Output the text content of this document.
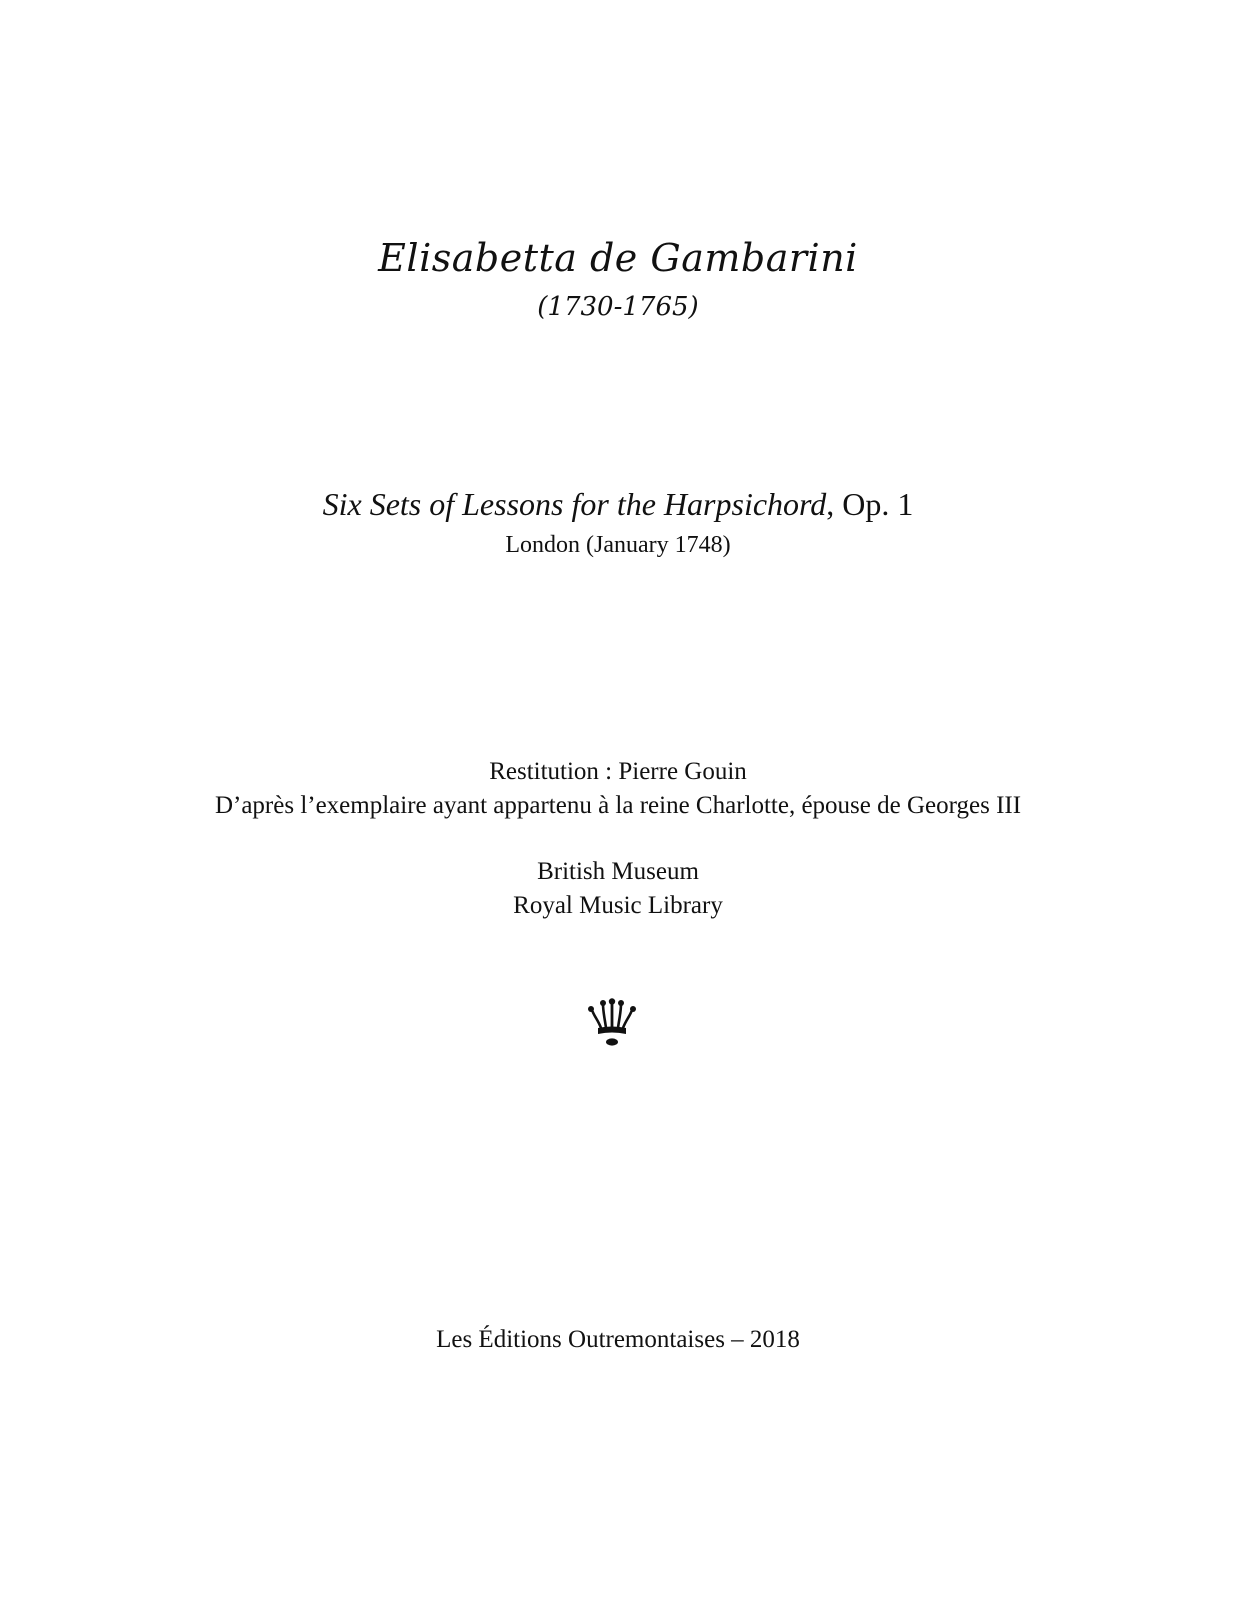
Elisabetta de Gambarini
(1730-1765)
Six Sets of Lessons for the Harpsichord, Op. 1
London (January 1748)
Restitution : Pierre Gouin
D’après l’exemplaire ayant appartenu à la reine Charlotte, épouse de Georges III
British Museum
Royal Music Library
Les Éditions Outremontaises – 2018
